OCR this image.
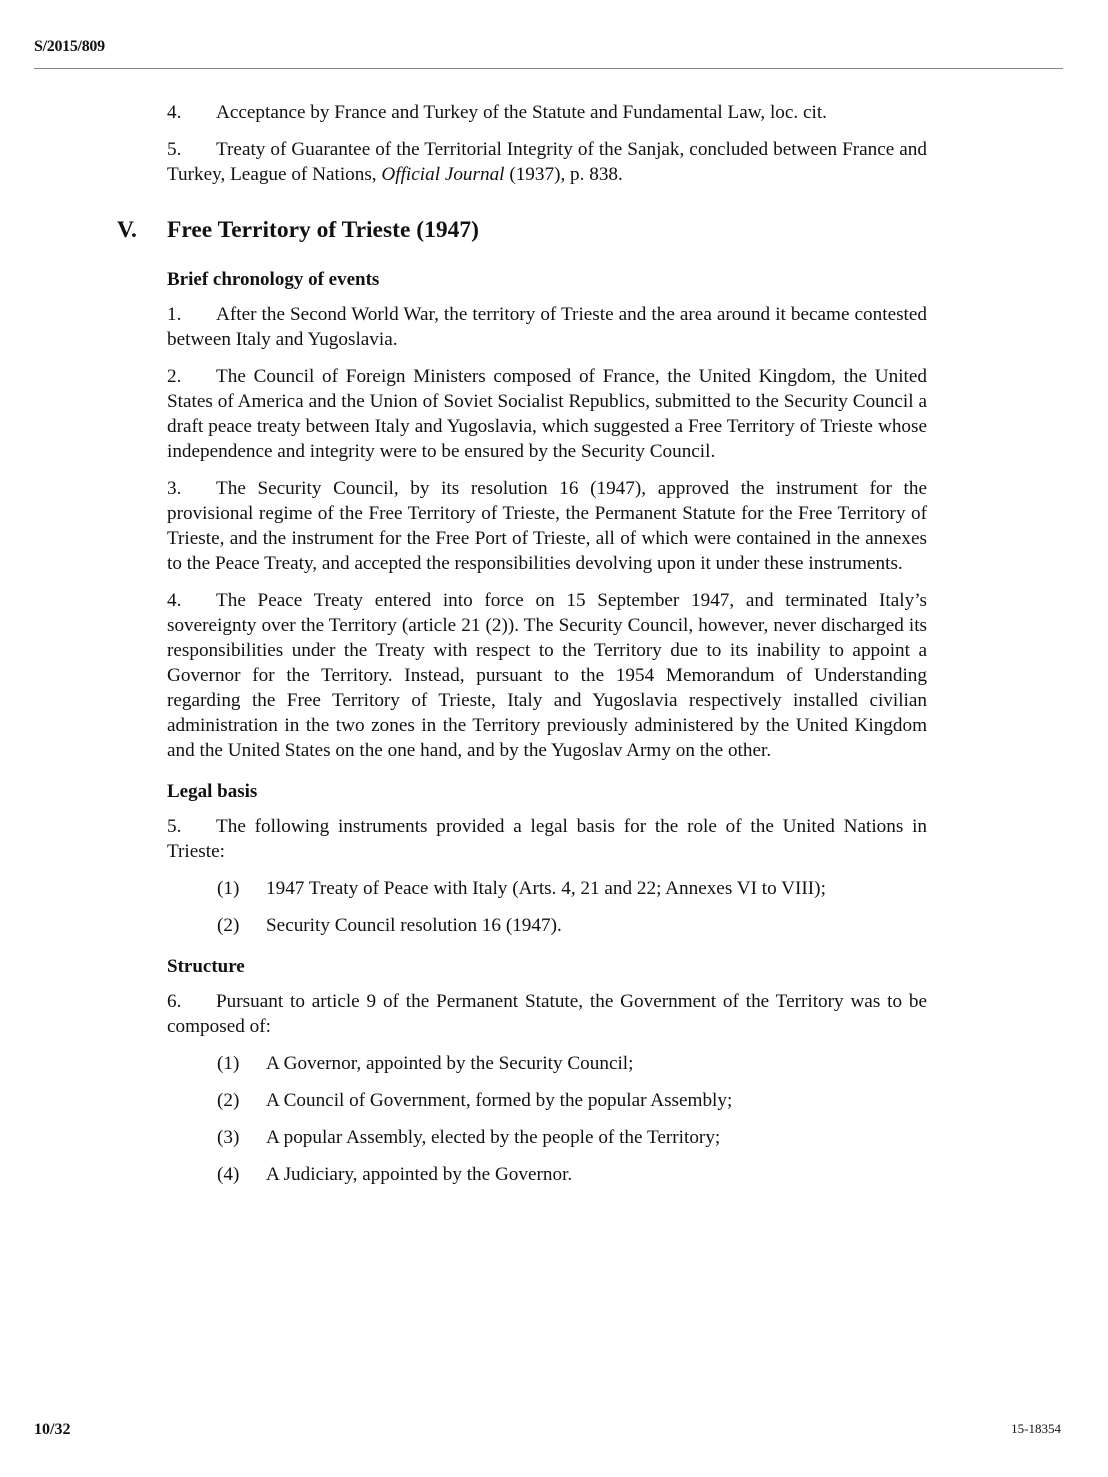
S/2015/809

4. Acceptance by France and Turkey of the Statute and Fundamental Law, loc. cit.

5. Treaty of Guarantee of the Territorial Integrity of the Sanjak, concluded between France and Turkey, League of Nations, Official Journal (1937), p. 838.

V. Free Territory of Trieste (1947)
Brief chronology of events

1. After the Second World War, the territory of Trieste and the area around it became contested between Italy and Yugoslavia.

2. The Council of Foreign Ministers composed of France, the United Kingdom, the United States of America and the Union of Soviet Socialist Republics, submitted to the Security Council a draft peace treaty between Italy and Yugoslavia, which suggested a Free Territory of Trieste whose independence and integrity were to be ensured by the Security Council.

3. The Security Council, by its resolution 16 (1947), approved the instrument for the provisional regime of the Free Territory of Trieste, the Permanent Statute for the Free Territory of Trieste, and the instrument for the Free Port of Trieste, all of which were contained in the annexes to the Peace Treaty, and accepted the responsibilities devolving upon it under these instruments.

4. The Peace Treaty entered into force on 15 September 1947, and terminated Italy’s sovereignty over the Territory (article 21 (2)). The Security Council, however, never discharged its responsibilities under the Treaty with respect to the Territory due to its inability to appoint a Governor for the Territory. Instead, pursuant to the 1954 Memorandum of Understanding regarding the Free Territory of Trieste, Italy and Yugoslavia respectively installed civilian administration in the two zones in the Territory previously administered by the United Kingdom and the United States on the one hand, and by the Yugoslav Army on the other.

Legal basis

5. The following instruments provided a legal basis for the role of the United Nations in Trieste:

(1) 1947 Treaty of Peace with Italy (Arts. 4, 21 and 22; Annexes VI to VIII);
(2) Security Council resolution 16 (1947).
Structure

6. Pursuant to article 9 of the Permanent Statute, the Government of the Territory was to be composed of:

(1) A Governor, appointed by the Security Council;
(2) A Council of Government, formed by the popular Assembly;
(3) A popular Assembly, elected by the people of the Territory;
(4) A Judiciary, appointed by the Governor.
10/32	15-18354
